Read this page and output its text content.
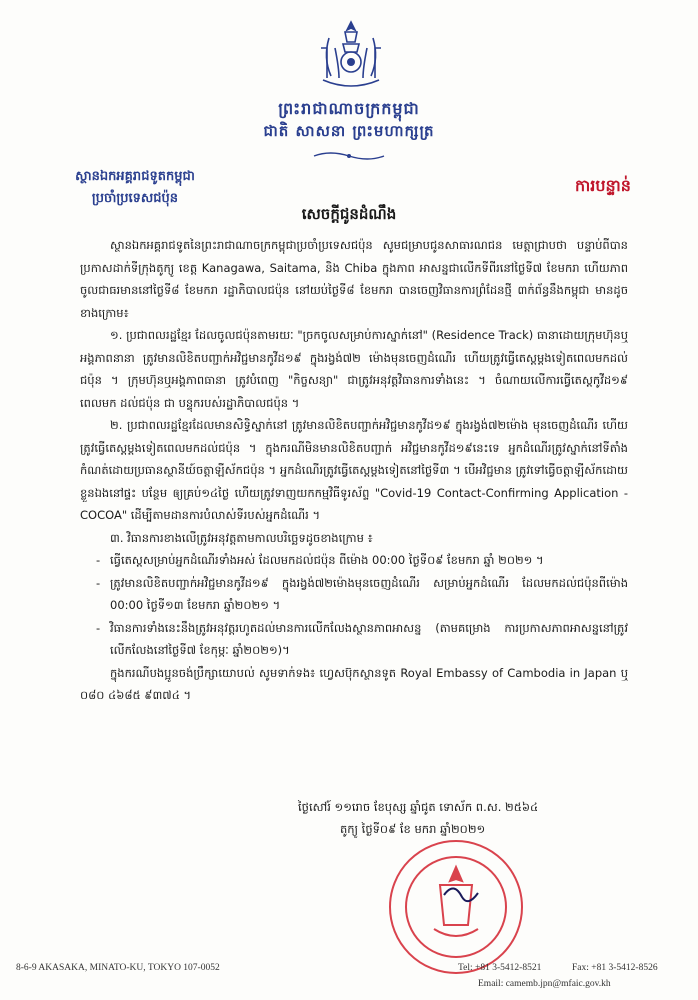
ព្រះរាជាណាចក្រកម្ពុជា
ជាតិ សាសនា ព្រះមហាក្សត្រ
ស្ថានឯកអគ្គរាជទូតកម្ពុជា
ប្រចាំប្រទេសជប៉ុន
ការបន្ទាន់
សេចក្តីជូនដំណឹង

ស្ថានឯកអគ្គរាជទូតនៃព្រះរាជាណាចក្រកម្ពុជាប្រចាំប្រទេសជប៉ុន សូមជម្រាបជូនសាធារណជន មេត្តាជ្រាបថា បន្ទាប់ពីបានប្រកាសដាក់ទីក្រុងតូក្យូ ខេត្ត Kanagawa, Saitama, និង Chiba ក្នុងភាព អាសន្នជាលើកទីពីរនៅថ្ងៃទី៧ ខែមករា ហើយភាពចូលជាធរមាននៅថ្ងៃទី៨ ខែមករា រដ្ឋាភិបាលជប៉ុន នៅយប់ថ្ងៃទី៨ ខែមករា បានចេញវិធានការព្រំដែនថ្មី ៣ក់ព័ន្ធនឹងកម្ពុជា មានដូចខាងក្រោម៖

១. ប្រជាពលរដ្ឋខ្មែរ ដែលចូលជប៉ុនតាមរយៈ "ច្រកចូលសម្រាប់ការស្នាក់នៅ" (Residence Track) ធានាដោយក្រុមហ៊ុនឬអង្គភាពនានា ត្រូវមានលិខិតបញ្ជាក់អវិជ្ជមានកូវីដ១៩ ក្នុងរង្វង់៧២ ម៉ោងមុនចេញដំណើរ ហើយត្រូវធ្វើតេស្តម្តងទៀតពេលមកដល់ជប៉ុន ។ ក្រុមហ៊ុនឬអង្គភាពធានា ត្រូវបំពេញ "កិច្ចសន្យា" ជាត្រូវអនុវត្តវិធានការទាំងនេះ ។ ចំណាយលើការធ្វើតេស្តកូវីដ១៩ ពេលមក ដល់ជប៉ុន ជា បន្ទុករបស់រដ្ឋាភិបាលជប៉ុន ។

២. ប្រជាពលរដ្ឋខ្មែរដែលមានសិទ្ធិស្នាក់នៅ ត្រូវមានលិខិតបញ្ជាក់អវិជ្ជមានកូវីដ១៩ ក្នុងរង្វង់៧២ម៉ោង មុនចេញដំណើរ ហើយត្រូវធ្វើតេស្តម្តងទៀតពេលមកដល់ជប៉ុន ។ ក្នុងករណីមិនមានលិខិតបញ្ជាក់ អវិជ្ជមានកូវីដ១៩នេះទេ អ្នកដំណើរត្រូវស្នាក់នៅទីតាំងកំណត់ដោយប្រធានស្ថានីយ៍ចត្តាឡីស័កជប៉ុន ។ អ្នកដំណើរត្រូវធ្វើតេស្តម្តងទៀតនៅថ្ងៃទី៣ ។ បើអវិជ្ជមាន ត្រូវទៅធ្វើចត្តាឡីស័កដោយខ្លួនឯងនៅផ្ទះ បន្ថែម ឲ្យគ្រប់១៤ថ្ងៃ ហើយត្រូវទាញយកកម្មវិធីទូរស័ព្ទ "Covid-19 Contact-Confirming Application - COCOA" ដើម្បីតាមដានការបំលាស់ទីរបស់អ្នកដំណើរ ។

៣. វិធានការខាងលើត្រូវអនុវត្តតាមកាលបរិច្ឆេទដូចខាងក្រោម ៖

- ធ្វើតេស្តសម្រាប់អ្នកដំណើរទាំងអស់ ដែលមកដល់ជប៉ុន ពីម៉ោង 00:00 ថ្ងៃទី០៩ ខែមករា ឆ្នាំ ២០២១ ។

- ត្រូវមានលិខិតបញ្ជាក់អវិជ្ជមានកូវីដ១៩ ក្នុងរង្វង់៧២ម៉ោងមុនចេញដំណើរ សម្រាប់អ្នកដំណើរ ដែលមកដល់ជប៉ុនពីម៉ោង 00:00 ថ្ងៃទី១៣ ខែមករា ឆ្នាំ២០២១ ។

- វិធានការទាំងនេះនឹងត្រូវអនុវត្តរហូតដល់មានការលើកលែងស្ថានភាពអាសន្ន (តាមគម្រោង ការប្រកាសភាពអាសន្ននៅត្រូវលើកលែងនៅថ្ងៃទី៧ ខែកុម្ភៈ ឆ្នាំ២០២១)។

ក្នុងករណីបងប្អូនចង់ប្រឹក្សាយោបល់ សូមទាក់ទង៖ ហ្វេសប៊ុកស្ថានទូត Royal Embassy of Cambodia in Japan ឬ ០៨០ ៤៦៨៥ ៩៣៧៤ ។

ថ្ងៃសៅរ៍ ១១រោច ខែបុស្ស ឆ្នាំជូត ទោស័ក ព.ស. ២៥៦៤
តូក្យូ ថ្ងៃទី០៩ ខែ មករា ឆ្នាំ២០២១
8-6-9 AKASAKA, MINATO-KU, TOKYO 107-0052	Tel: +81 3-5412-8521	Fax: +81 3-5412-8526
Email: camemb.jpn@mfaic.gov.kh
